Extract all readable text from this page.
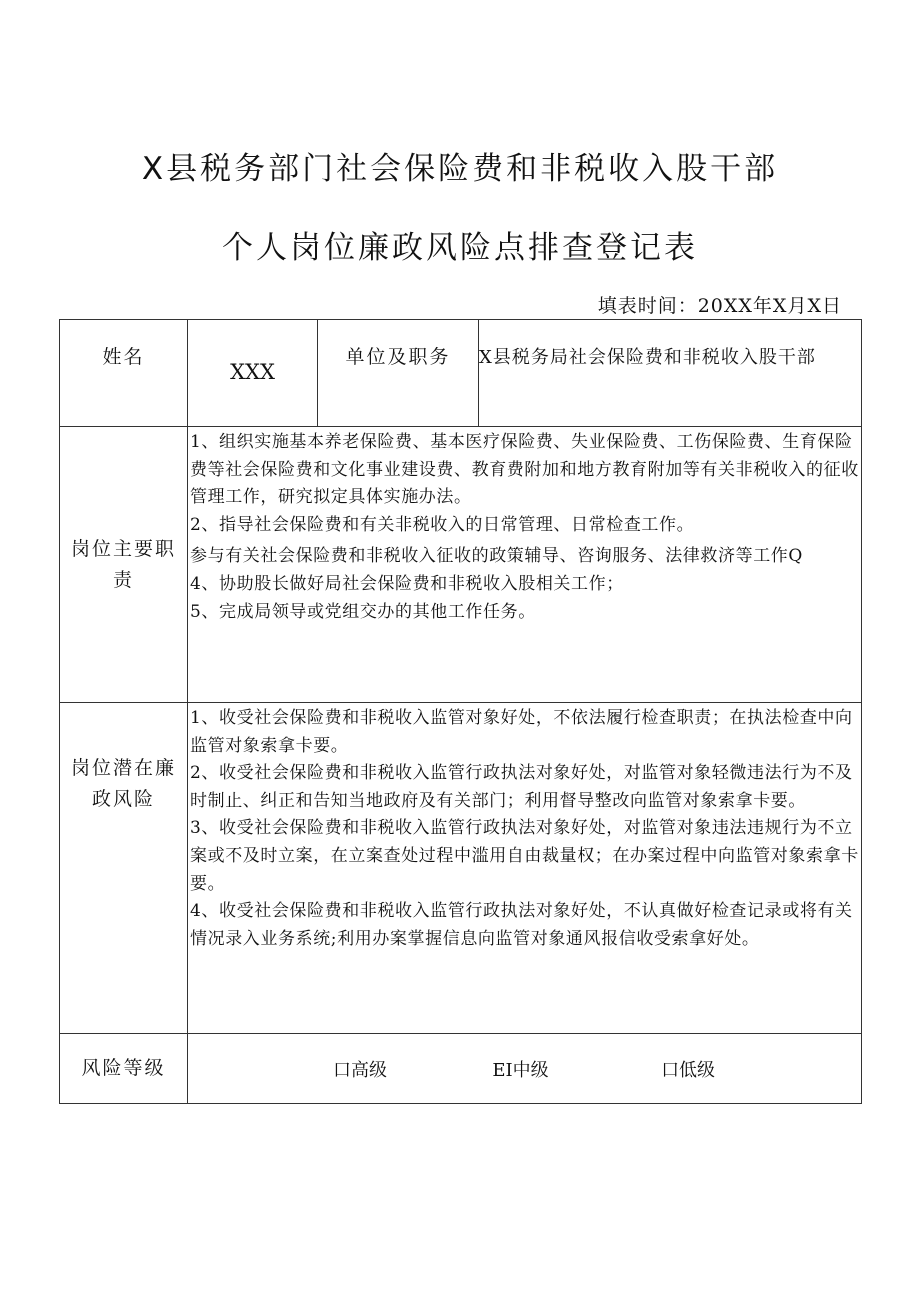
X县税务部门社会保险费和非税收入股干部
个人岗位廉政风险点排查登记表
填表时间：20XX年X月X日
姓名	XXX	单位及职务	X县税务局社会保险费和非税收入股干部
岗位主要职责	1、组织实施基本养老保险费、基本医疗保险费、失业保险费、工伤保险费、生育保险费等社会保险费和文化事业建设费、教育费附加和地方教育附加等有关非税收入的征收管理工作，研究拟定具体实施办法。

2、指导社会保险费和有关非税收入的日常管理、日常检查工作。

参与有关社会保险费和非税收入征收的政策辅导、咨询服务、法律救济等工作Q

4、协助股长做好局社会保险费和非税收入股相关工作；

5、完成局领导或党组交办的其他工作任务。		

岗位潜在廉政风险	1、收受社会保险费和非税收入监管对象好处，不依法履行检查职责；在执法检查中向监管对象索拿卡要。

2、收受社会保险费和非税收入监管行政执法对象好处，对监管对象轻微违法行为不及时制止、纠正和告知当地政府及有关部门；利用督导整改向监管对象索拿卡要。

3、收受社会保险费和非税收入监管行政执法对象好处，对监管对象违法违规行为不立案或不及时立案，在立案查处过程中滥用自由裁量权；在办案过程中向监管对象索拿卡要。

4、收受社会保险费和非税收入监管行政执法对象好处，不认真做好检查记录或将有关情况录入业务系统;利用办案掌握信息向监管对象通风报信收受索拿好处。		

风险等级	口高级 EI中级 口低级		
